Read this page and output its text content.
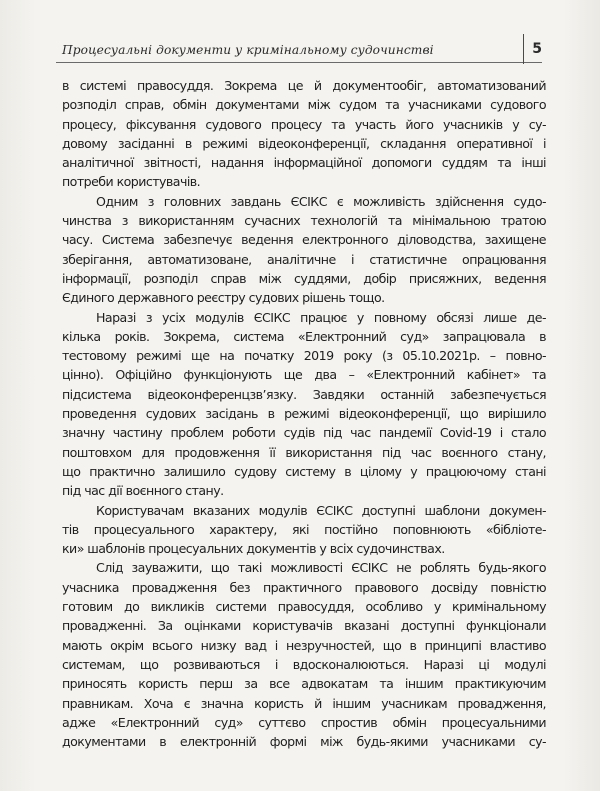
Процесуальні документи у кримінальному судочинстві	5

в системі правосуддя. Зокрема це й документообіг, автоматизований
розподіл справ, обмін документами між судом та учасниками судового
процесу, фіксування судового процесу та участь його учасників у су-
довому засіданні в режимі відеоконференції, складання оперативної і
аналітичної звітності, надання інформаційної допомоги суддям та інші
потреби користувачів.

Одним з головних завдань ЄСІКС є можливість здійснення судо-
чинства з використанням сучасних технологій та мінімальною тратою
часу. Система забезпечує ведення електронного діловодства, захищене
зберігання, автоматизоване, аналітичне і статистичне опрацювання
інформації, розподіл справ між суддями, добір присяжних, ведення
Єдиного державного реєстру судових рішень тощо.

Наразі з усіх модулів ЄСІКС працює у повному обсязі лише де-
кілька років. Зокрема, система «Електронний суд» запрацювала в
тестовому режимі ще на початку 2019 року (з 05.10.2021р. – повно-
цінно). Офіційно функціонують ще два – «Електронний кабінет» та
підсистема відеоконференцзв’язку. Завдяки останній забезпечується
проведення судових засідань в режимі відеоконференції, що вирішило
значну частину проблем роботи судів під час пандемії Covid-19 і стало
поштовхом для продовження її використання під час воєнного стану,
що практично залишило судову систему в цілому у працюючому стані
під час дії воєнного стану.

Користувачам вказаних модулів ЄСІКС доступні шаблони докумен-
тів процесуального характеру, які постійно поповнюють «бібліоте-
ки» шаблонів процесуальних документів у всіх судочинствах.

Слід зауважити, що такі можливості ЄСІКС не роблять будь-якого
учасника провадження без практичного правового досвіду повністю
готовим до викликів системи правосуддя, особливо у кримінальному
провадженні. За оцінками користувачів вказані доступні функціонали
мають окрім всього низку вад і незручностей, що в принципі властиво
системам, що розвиваються і вдосконалюються. Наразі ці модулі
приносять користь перш за все адвокатам та іншим практикуючим
правникам. Хоча є значна користь й іншим учасникам провадження,
адже «Електронний суд» суттєво спростив обмін процесуальними
документами в електронній формі між будь-якими учасниками су-
